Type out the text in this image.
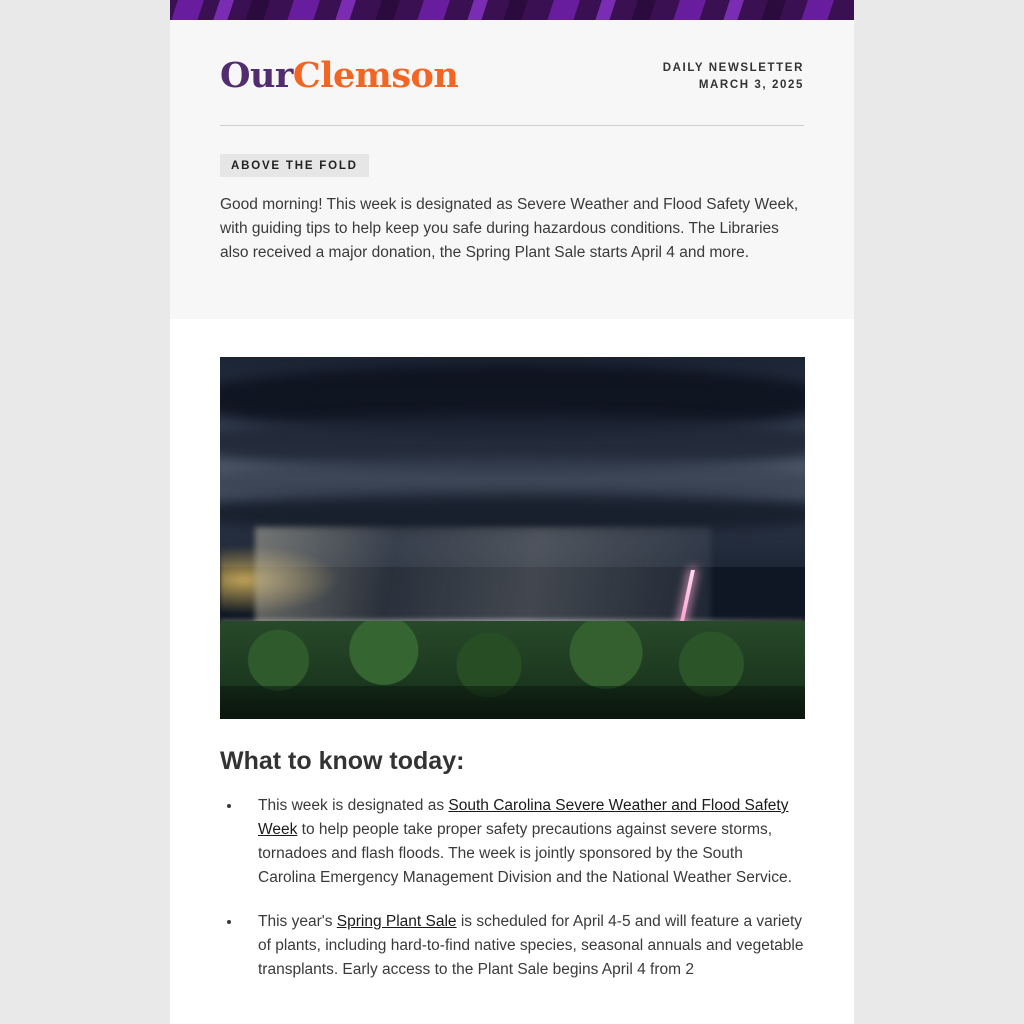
OurClemson	DAILY NEWSLETTER
MARCH 3, 2025
ABOVE THE FOLD

Good morning! This week is designated as Severe Weather and Flood Safety Week, with guiding tips to help keep you safe during hazardous conditions. The Libraries also received a major donation, the Spring Plant Sale starts April 4 and more.

What to know today:
• This week is designated as South Carolina Severe Weather and Flood Safety Week to help people take proper safety precautions against severe storms, tornadoes and flash floods. The week is jointly sponsored by the South Carolina Emergency Management Division and the National Weather Service.
• This year's Spring Plant Sale is scheduled for April 4-5 and will feature a variety of plants, including hard-to-find native species, seasonal annuals and vegetable transplants. Early access to the Plant Sale begins April 4 from 2
